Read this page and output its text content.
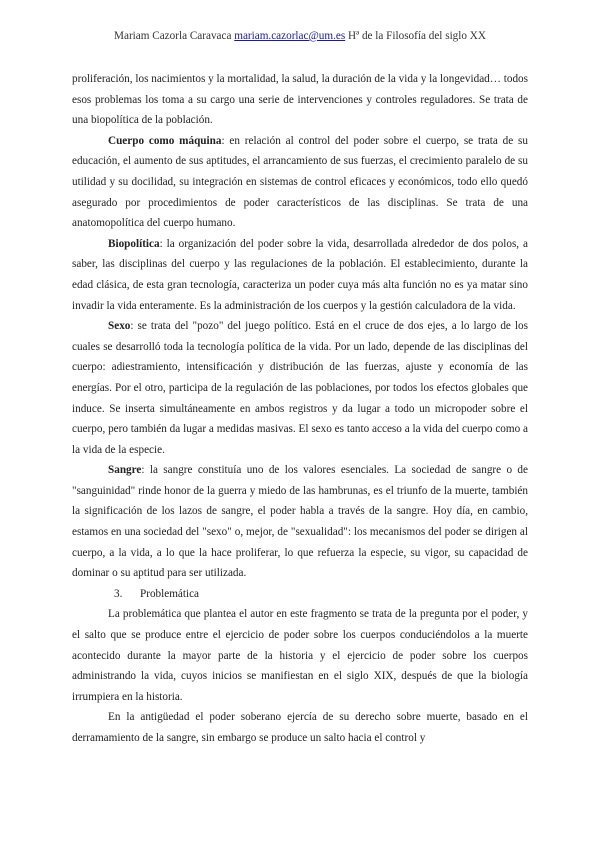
Mariam Cazorla Caravaca mariam.cazorlac@um.es Hª de la Filosofía del siglo XX

proliferación, los nacimientos y la mortalidad, la salud, la duración de la vida y la longevidad… todos esos problemas los toma a su cargo una serie de intervenciones y controles reguladores. Se trata de una biopolítica de la población.

Cuerpo como máquina: en relación al control del poder sobre el cuerpo, se trata de su educación, el aumento de sus aptitudes, el arrancamiento de sus fuerzas, el crecimiento paralelo de su utilidad y su docilidad, su integración en sistemas de control eficaces y económicos, todo ello quedó asegurado por procedimientos de poder característicos de las disciplinas. Se trata de una anatomopolítica del cuerpo humano.

Biopolítica: la organización del poder sobre la vida, desarrollada alrededor de dos polos, a saber, las disciplinas del cuerpo y las regulaciones de la población. El establecimiento, durante la edad clásica, de esta gran tecnología, caracteriza un poder cuya más alta función no es ya matar sino invadir la vida enteramente. Es la administración de los cuerpos y la gestión calculadora de la vida.

Sexo: se trata del "pozo" del juego político. Está en el cruce de dos ejes, a lo largo de los cuales se desarrolló toda la tecnología política de la vida. Por un lado, depende de las disciplinas del cuerpo: adiestramiento, intensificación y distribución de las fuerzas, ajuste y economía de las energías. Por el otro, participa de la regulación de las poblaciones, por todos los efectos globales que induce. Se inserta simultáneamente en ambos registros y da lugar a todo un micropoder sobre el cuerpo, pero también da lugar a medidas masivas. El sexo es tanto acceso a la vida del cuerpo como a la vida de la especie.

Sangre: la sangre constituía uno de los valores esenciales. La sociedad de sangre o de "sanguinidad" rinde honor de la guerra y miedo de las hambrunas, es el triunfo de la muerte, también la significación de los lazos de sangre, el poder habla a través de la sangre. Hoy día, en cambio, estamos en una sociedad del "sexo" o, mejor, de "sexualidad": los mecanismos del poder se dirigen al cuerpo, a la vida, a lo que la hace proliferar, lo que refuerza la especie, su vigor, su capacidad de dominar o su aptitud para ser utilizada.

3. Problemática

La problemática que plantea el autor en este fragmento se trata de la pregunta por el poder, y el salto que se produce entre el ejercicio de poder sobre los cuerpos conduciéndolos a la muerte acontecido durante la mayor parte de la historia y el ejercicio de poder sobre los cuerpos administrando la vida, cuyos inicios se manifiestan en el siglo XIX, después de que la biología irrumpiera en la historia.

En la antigüedad el poder soberano ejercía de su derecho sobre muerte, basado en el derramamiento de la sangre, sin embargo se produce un salto hacia el control y
